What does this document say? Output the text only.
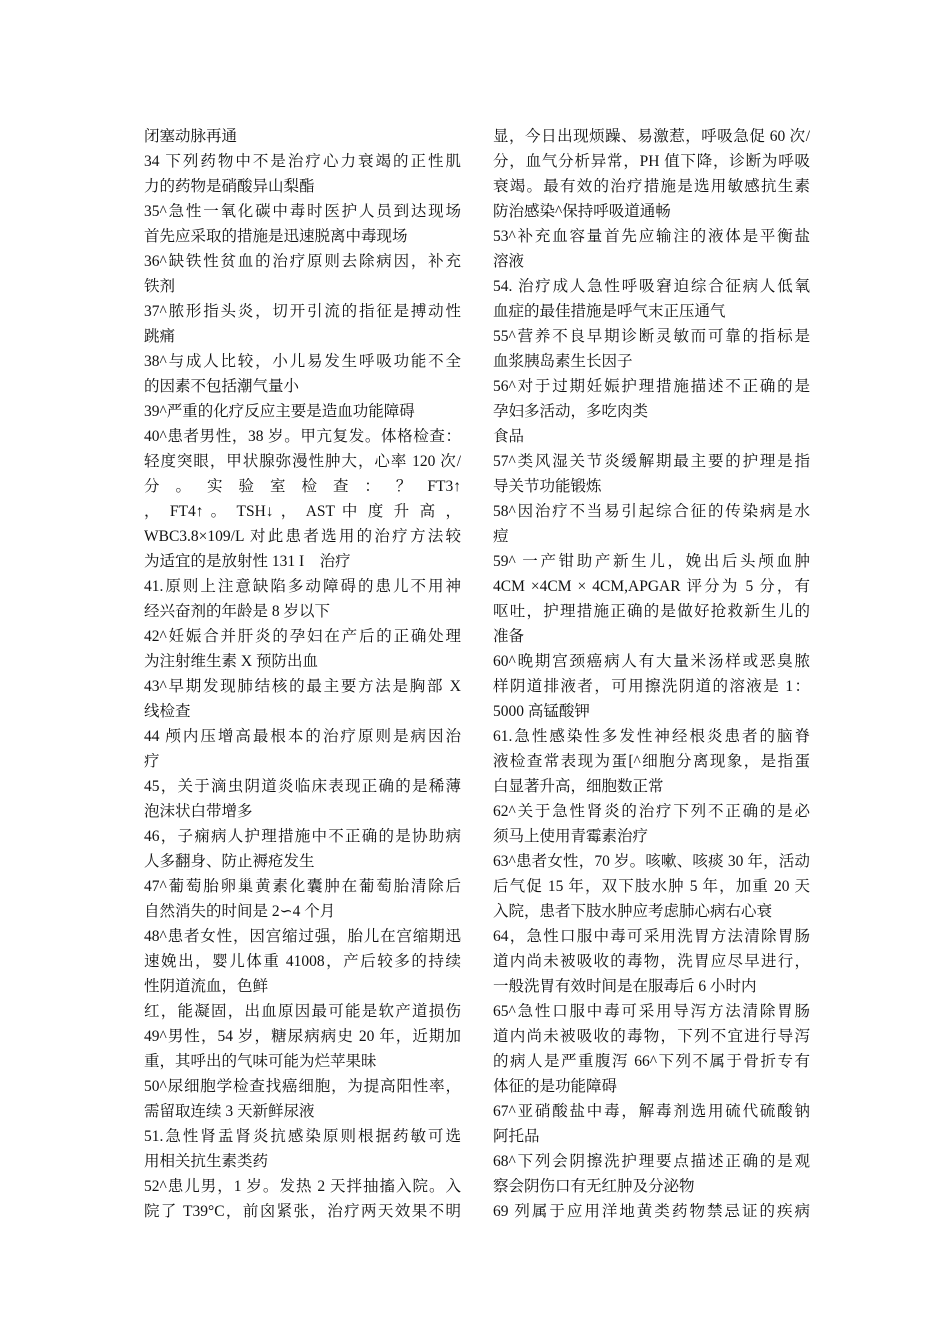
闭塞动脉再通
34 下列药物中不是治疗心力衰竭的正性肌
力的药物是硝酸异山梨酯
35^急性一氧化碳中毒时医护人员到达现场
首先应采取的措施是迅速脱离中毒现场
36^缺铁性贫血的治疗原则去除病因，补充
铁剂
37^脓形指头炎，切开引流的指征是搏动性
跳痛
38^与成人比较，小儿易发生呼吸功能不全
的因素不包括潮气量小
39^严重的化疗反应主要是造血功能障碍
40^患者男性，38 岁。甲亢复发。体格检查：
轻度突眼，甲状腺弥漫性肿大，心率 120 次/
分 。 实 验 室 检 查 ： ？ FT3↑
， FT4↑ 。 TSH↓ ， AST 中 度 升 高 ，
WBC3.8×109/L 对此患者选用的治疗方法较
为适宜的是放射性 131 I　治疗
41.原则上注意缺陷多动障碍的患儿不用神
经兴奋剂的年龄是 8 岁以下
42^妊娠合并肝炎的孕妇在产后的正确处理
为注射维生素 X 预防出血
43^早期发现肺结核的最主要方法是胸部 X
线检查
44 颅内压增高最根本的治疗原则是病因治
疗
45，关于滴虫阴道炎临床表现正确的是稀薄
泡沫状白带增多
46，子痫病人护理措施中不正确的是协助病
人多翻身、防止褥疮发生
47^葡萄胎卵巢黄素化囊肿在葡萄胎清除后
自然消失的时间是 2∽4 个月
48^患者女性，因宫缩过强，胎儿在宫缩期迅
速娩出，婴儿体重 41008，产后较多的持续
性阴道流血，色鲜
红，能凝固，出血原因最可能是软产道损伤
49^男性，54 岁，糖尿病病史 20 年，近期加
重，其呼出的气味可能为烂苹果昧
50^尿细胞学检查找癌细胞，为提高阳性率，
需留取连续 3 天新鲜尿液
51.急性肾盂肾炎抗感染原则根据药敏可选
用相关抗生素类药
52^患儿男，1 岁。发热 2 天拌抽搐入院。入
院了 T39°C，前囟紧张，治疗两天效果不明
显，今日出现烦躁、易激惹，呼吸急促 60 次/
分，血气分析异常，PH 值下降，诊断为呼吸
衰竭。最有效的治疗措施是选用敏感抗生素
防治感染^保持呼吸道通畅
53^补充血容量首先应输注的液体是平衡盐
溶液
54. 治疗成人急性呼吸窘迫综合征病人低氧
血症的最佳措施是呼气末正压通气
55^营养不良早期诊断灵敏而可靠的指标是
血浆胰岛素生长因子
56^对于过期妊娠护理措施描述不正确的是
孕妇多活动，多吃肉类
食品
57^类风湿关节炎缓解期最主要的护理是指
导关节功能锻炼
58^因治疗不当易引起综合征的传染病是水
痘
59^ 一产钳助产新生儿，娩出后头颅血肿
4CM ×4CM × 4CM,APGAR 评分为 5 分，有
呕吐，护理措施正确的是做好抢救新生儿的
准备
60^晚期宫颈癌病人有大量米汤样或恶臭脓
样阴道排液者，可用擦洗阴道的溶液是 1：
5000 高锰酸钾
61.急性感染性多发性神经根炎患者的脑脊
液检查常表现为蛋[^细胞分离现象，是指蛋
白显著升高，细胞数正常
62^关于急性肾炎的治疗下列不正确的是必
须马上使用青霉素治疗
63^患者女性，70 岁。咳嗽、咳痰 30 年，活动
后气促 15 年，双下肢水肿 5 年，加重 20 天
入院，患者下肢水肿应考虑肺心病右心衰
64，急性口服中毒可采用洗胃方法清除胃肠
道内尚未被吸收的毒物，洗胃应尽早进行，
一般洗胃有效时间是在服毒后 6 小时内
65^急性口服中毒可采用导泻方法清除胃肠
道内尚未被吸收的毒物，下列不宜进行导泻
的病人是严重腹泻 66^下列不属于骨折专有
体征的是功能障碍
67^亚硝酸盐中毒，解毒剂选用硫代硫酸钠
阿托品
68^下列会阴擦洗护理要点描述正确的是观
察会阴伤口有无红肿及分泌物
69 列属于应用洋地黄类药物禁忌证的疾病
